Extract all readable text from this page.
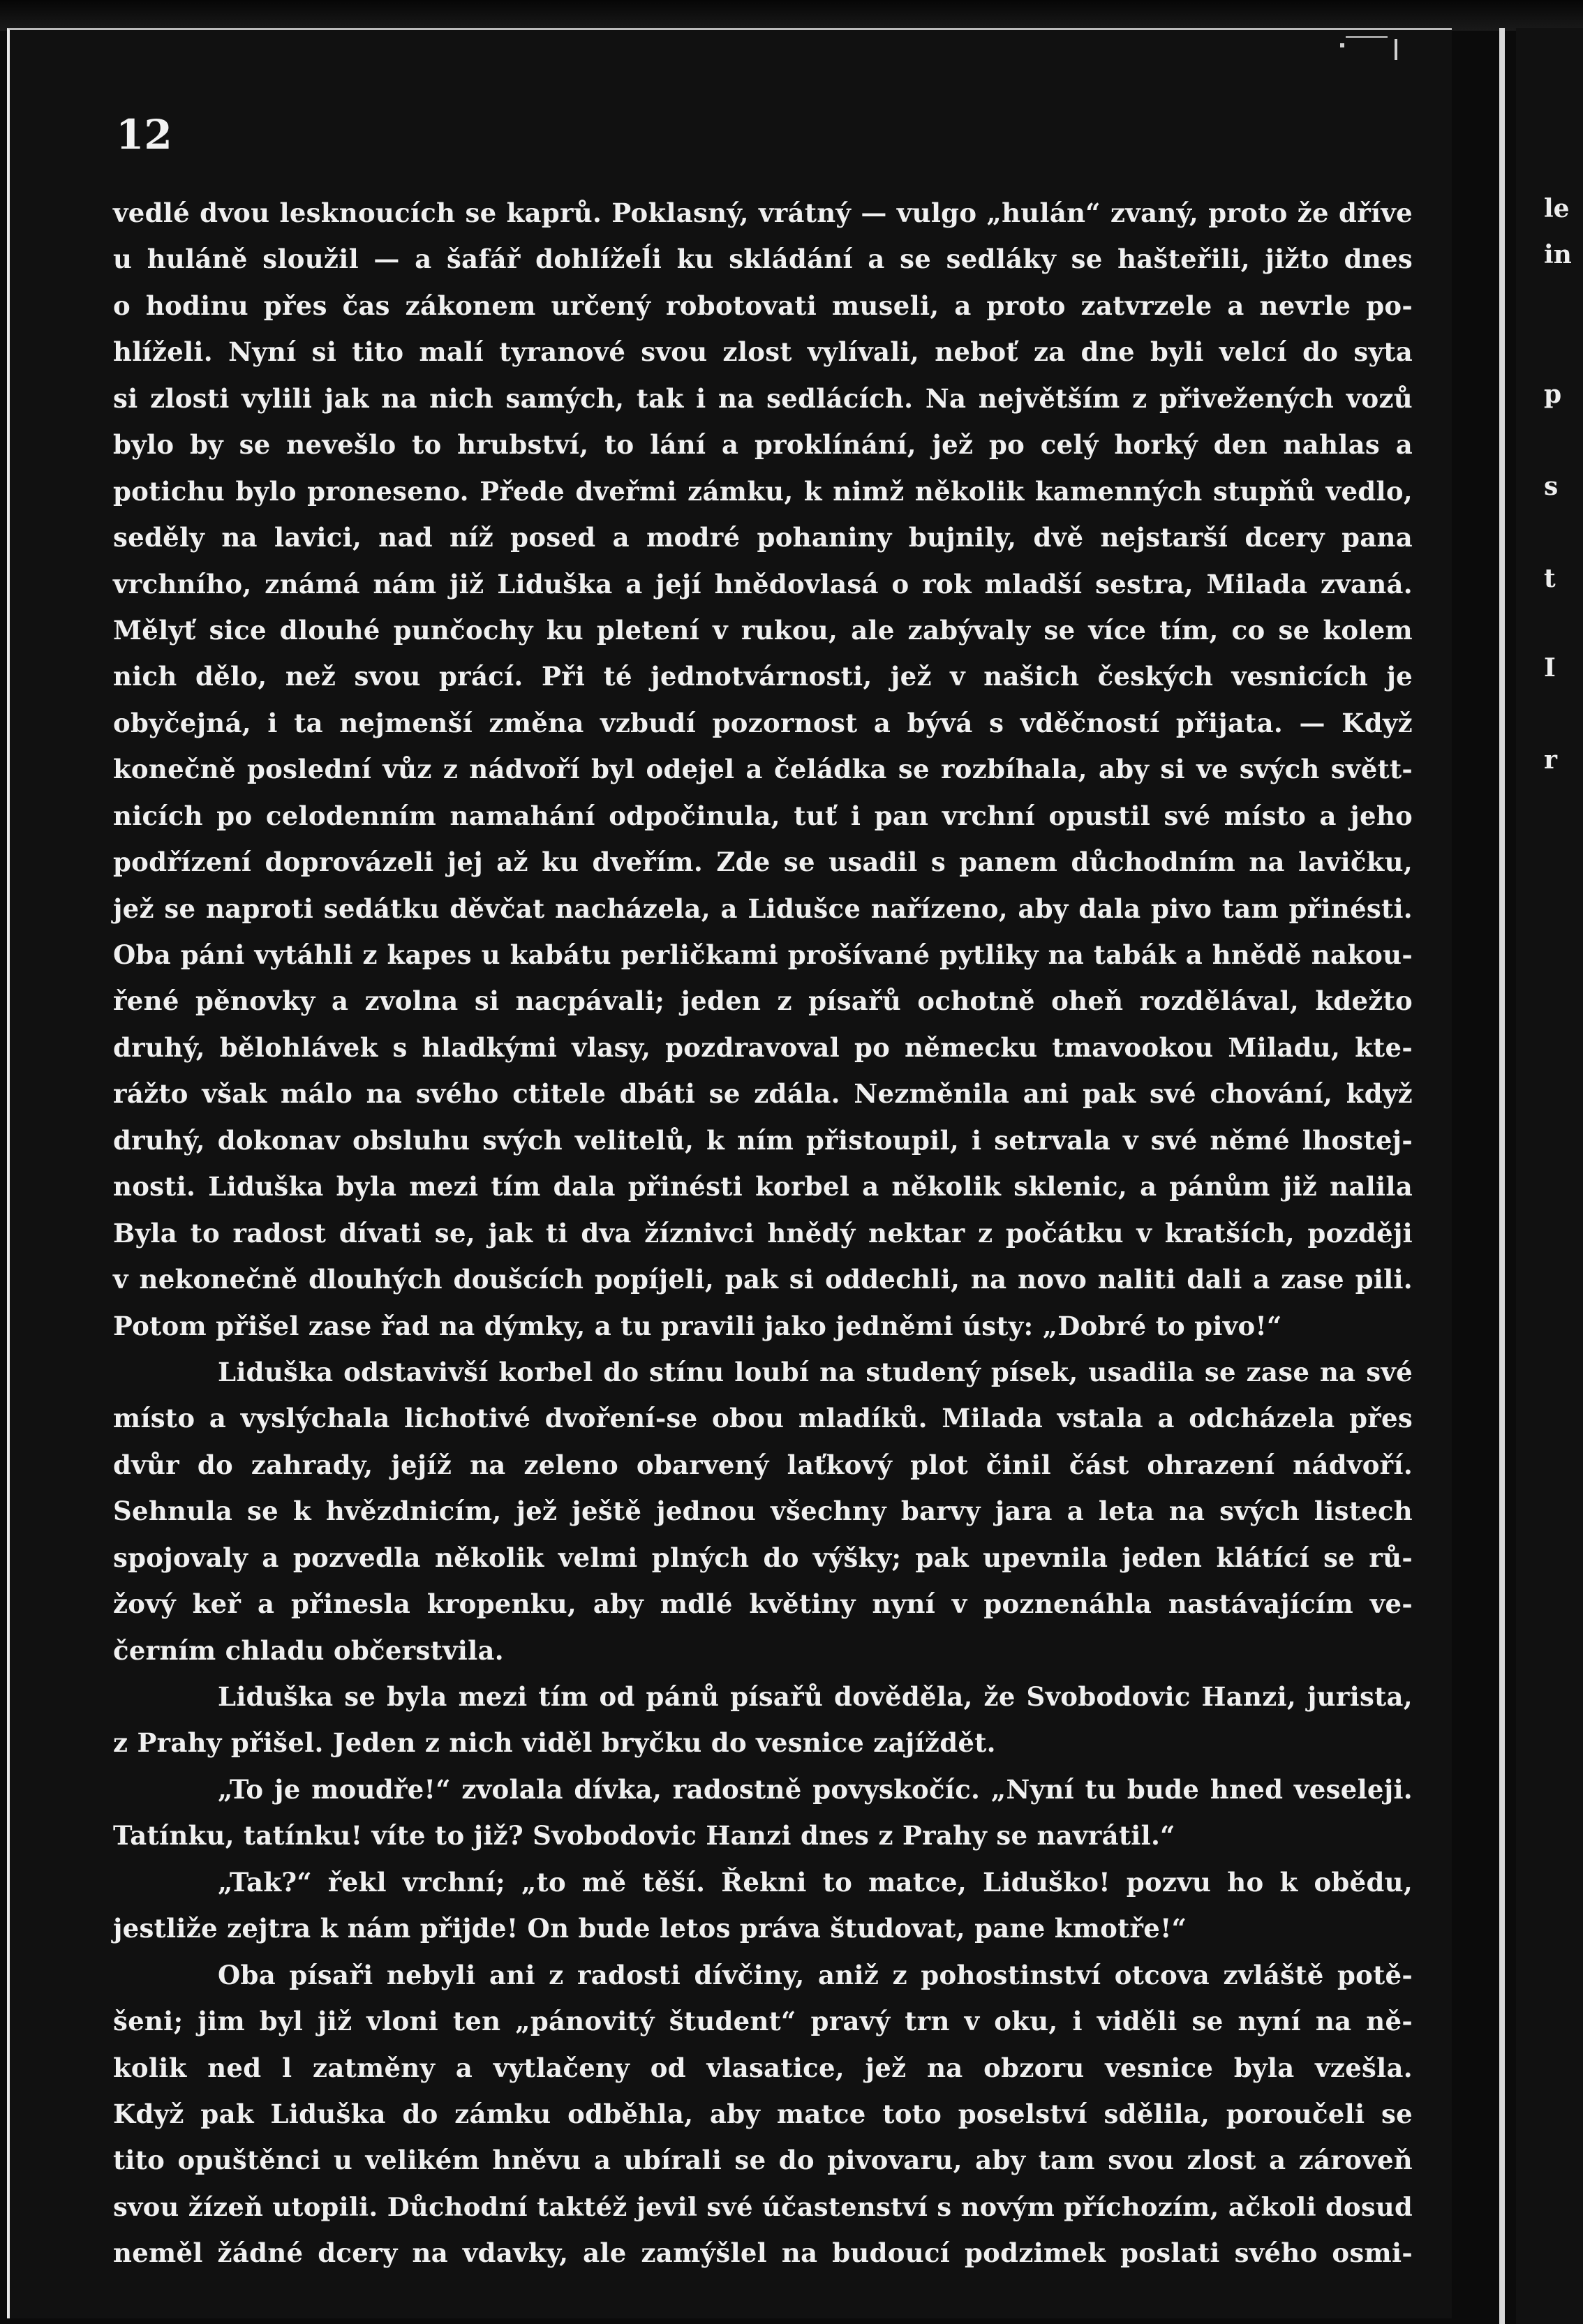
12
vedlé dvou lesknoucích se kaprů. Poklasný, vrátný — vulgo „hulán“ zvaný, proto že dříve
u huláně sloužil — a šafář dohlížeĺi ku skládání a se sedláky se hašteřili, jižto dnes
o hodinu přes čas zákonem určený robotovati museli, a proto zatvrzele a nevrle po-
hlíželi. Nyní si tito malí tyranové svou zlost vylívali, neboť za dne byli velcí do syta
si zlosti vylili jak na nich samých, tak i na sedlácích. Na největším z přivežených vozů
bylo by se nevešlo to hrubství, to lání a proklínání, jež po celý horký den nahlas a
potichu bylo proneseno. Přede dveřmi zámku, k nimž několik kamenných stupňů vedlo,
seděly na lavici, nad níž posed a modré pohaniny bujnily, dvě nejstarší dcery pana
vrchního, známá nám již Liduška a její hnědovlasá o rok mladší sestra, Milada zvaná.
Mělyť sice dlouhé punčochy ku pletení v rukou, ale zabývaly se více tím, co se kolem
nich dělo, než svou prácí. Při té jednotvárnosti, jež v našich českých vesnicích je
obyčejná, i ta nejmenší změna vzbudí pozornost a bývá s vděčností přijata. — Když
konečně poslední vůz z nádvoří byl odejel a čeládka se rozbíhala, aby si ve svých světt-
nicích po celodenním namahání odpočinula, tuť i pan vrchní opustil své místo a jeho
podřízení doprovázeli jej až ku dveřím. Zde se usadil s panem důchodním na lavičku,
jež se naproti sedátku děvčat nacházela, a Lidušce nařízeno, aby dala pivo tam přinésti.
Oba páni vytáhli z kapes u kabátu perličkami prošívané pytliky na tabák a hnědě nakou-
řené pěnovky a zvolna si nacpávali; jeden z písařů ochotně oheň rozdělával, kdežto
druhý, bělohlávek s hladkými vlasy, pozdravoval po německu tmavookou Miladu, kte-
rážto však málo na svého ctitele dbáti se zdála. Nezměnila ani pak své chování, když
druhý, dokonav obsluhu svých velitelů, k ním přistoupil, i setrvala v své němé lhostej-
nosti. Liduška byla mezi tím dala přinésti korbel a několik sklenic, a pánům již nalila
Byla to radost dívati se, jak ti dva žíznivci hnědý nektar z počátku v kratších, později
v nekonečně dlouhých doušcích popíjeli, pak si oddechli, na novo naliti dali a zase pili.
Potom přišel zase řad na dýmky, a tu pravili jako jedněmi ústy: „Dobré to pivo!“
Liduška odstavivší korbel do stínu loubí na studený písek, usadila se zase na své
místo a vyslýchala lichotivé dvoření-se obou mladíků. Milada vstala a odcházela přes
dvůr do zahrady, jejíž na zeleno obarvený laťkový plot činil část ohrazení nádvoří.
Sehnula se k hvězdnicím, jež ještě jednou všechny barvy jara a leta na svých listech
spojovaly a pozvedla několik velmi plných do výšky; pak upevnila jeden klátící se rů-
žový keř a přinesla kropenku, aby mdlé květiny nyní v poznenáhla nastávajícím ve-
černím chladu občerstvila.
Liduška se byla mezi tím od pánů písařů dověděla, že Svobodovic Hanzi, jurista,
z Prahy přišel. Jeden z nich viděl bryčku do vesnice zajíždět.
„To je moudře!“ zvolala dívka, radostně povyskočíc. „Nyní tu bude hned veseleji.
Tatínku, tatínku! víte to již? Svobodovic Hanzi dnes z Prahy se navrátil.“
„Tak?“ řekl vrchní; „to mě těší. Řekni to matce, Liduško! pozvu ho k obědu,
jestliže zejtra k nám přijde! On bude letos práva študovat, pane kmotře!“
Oba písaři nebyli ani z radosti dívčiny, aniž z pohostinství otcova zvláště potě-
šeni; jim byl již vloni ten „pánovitý študent“ pravý trn v oku, i viděli se nyní na ně-
kolik ned l zatměny a vytlačeny od vlasatice, jež na obzoru vesnice byla vzešla.
Když pak Liduška do zámku odběhla, aby matce toto poselství sdělila, poroučeli se
tito opuštěnci u velikém hněvu a ubírali se do pivovaru, aby tam svou zlost a zároveň
svou žízeň utopili. Důchodní taktéž jevil své účastenství s novým příchozím, ačkoli dosud
neměl žádné dcery na vdavky, ale zamýšlel na budoucí podzimek poslati svého osmi-
le
in
p
s
t
I
r
